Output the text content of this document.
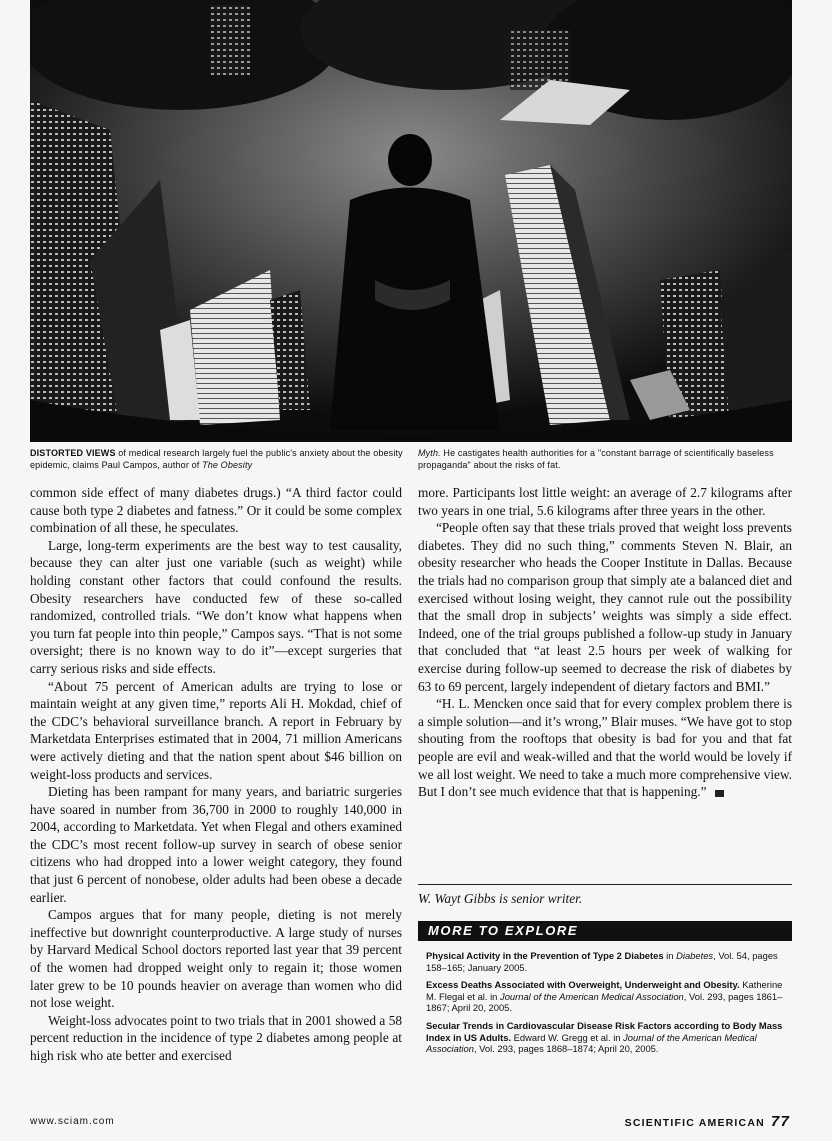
DISTORTED VIEWS of medical research largely fuel the public's anxiety about the obesity epidemic, claims Paul Campos, author of The Obesity
Myth. He castigates health authorities for a "constant barrage of scientifically baseless propaganda" about the risks of fat.

common side effect of many diabetes drugs.) “A third factor could cause both type 2 diabetes and fatness.” Or it could be some complex combination of all these, he speculates.

Large, long-term experiments are the best way to test causality, because they can alter just one variable (such as weight) while holding constant other factors that could confound the results. Obesity researchers have conducted few of these so-called randomized, controlled trials. “We don’t know what happens when you turn fat people into thin people,” Campos says. “That is not some oversight; there is no known way to do it”—except surgeries that carry serious risks and side effects.

“About 75 percent of American adults are trying to lose or maintain weight at any given time,” reports Ali H. Mokdad, chief of the CDC’s behavioral surveillance branch. A report in February by Marketdata Enterprises estimated that in 2004, 71 million Americans were actively dieting and that the nation spent about $46 billion on weight-loss products and services.

Dieting has been rampant for many years, and bariatric surgeries have soared in number from 36,700 in 2000 to roughly 140,000 in 2004, according to Marketdata. Yet when Flegal and others examined the CDC’s most recent follow-up survey in search of obese senior citizens who had dropped into a lower weight category, they found that just 6 percent of nonobese, older adults had been obese a decade earlier.

Campos argues that for many people, dieting is not merely ineffective but downright counterproductive. A large study of nurses by Harvard Medical School doctors reported last year that 39 percent of the women had dropped weight only to regain it; those women later grew to be 10 pounds heavier on average than women who did not lose weight.

Weight-loss advocates point to two trials that in 2001 showed a 58 percent reduction in the incidence of type 2 diabetes among people at high risk who ate better and exercised

more. Participants lost little weight: an average of 2.7 kilograms after two years in one trial, 5.6 kilograms after three years in the other.

“People often say that these trials proved that weight loss prevents diabetes. They did no such thing,” comments Steven N. Blair, an obesity researcher who heads the Cooper Institute in Dallas. Because the trials had no comparison group that simply ate a balanced diet and exercised without losing weight, they cannot rule out the possibility that the small drop in subjects’ weights was simply a side effect. Indeed, one of the trial groups published a follow-up study in January that concluded that “at least 2.5 hours per week of walking for exercise during follow-up seemed to decrease the risk of diabetes by 63 to 69 percent, largely independent of dietary factors and BMI.”

“H. L. Mencken once said that for every complex problem there is a simple solution—and it’s wrong,” Blair muses. “We have got to stop shouting from the rooftops that obesity is bad for you and that fat people are evil and weak-willed and that the world would be lovely if we all lost weight. We need to take a much more comprehensive view. But I don’t see much evidence that that is happening.”

W. Wayt Gibbs is senior writer.
MORE TO EXPLORE
Physical Activity in the Prevention of Type 2 Diabetes in Diabetes, Vol. 54, pages 158–165; January 2005.
Excess Deaths Associated with Overweight, Underweight and Obesity. Katherine M. Flegal et al. in Journal of the American Medical Association, Vol. 293, pages 1861–1867; April 20, 2005.
Secular Trends in Cardiovascular Disease Risk Factors according to Body Mass Index in US Adults. Edward W. Gregg et al. in Journal of the American Medical Association, Vol. 293, pages 1868–1874; April 20, 2005.
www.sciam.com	SCIENTIFIC AMERICAN 77
